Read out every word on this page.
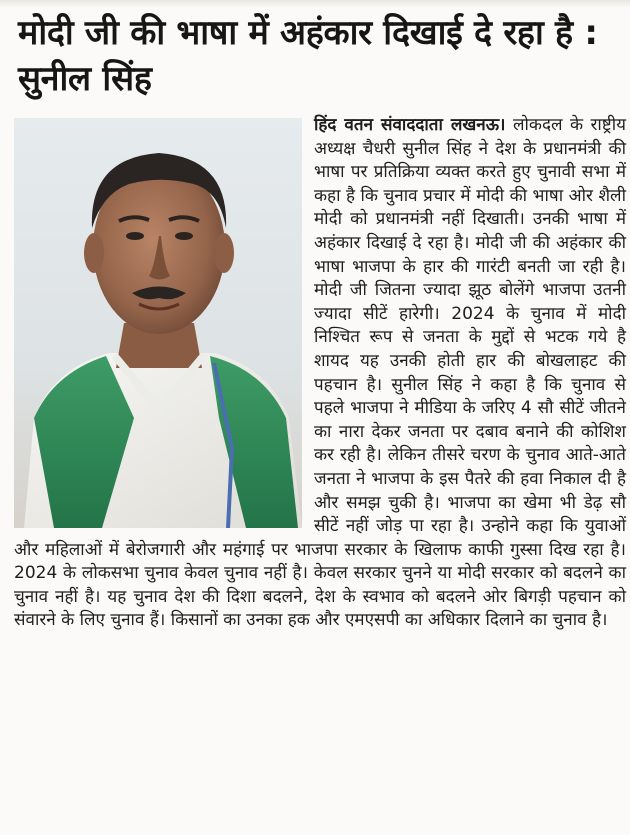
मोदी जी की भाषा में अहंकार दिखाई दे रहा है : सुनील सिंह

हिंद वतन संवाददाता लखनऊ। लोकदल के राष्ट्रीय अध्यक्ष चैधरी सुनील सिंह ने देश के प्रधानमंत्री की भाषा पर प्रतिक्रिया व्यक्त करते हुए चुनावी सभा में कहा है कि चुनाव प्रचार में मोदी की भाषा ओर शैली मोदी को प्रधानमंत्री नहीं दिखाती। उनकी भाषा में अहंकार दिखाई दे रहा है। मोदी जी की अहंकार की भाषा भाजपा के हार की गारंटी बनती जा रही है। मोदी जी जितना ज्यादा झूठ बोलेंगे भाजपा उतनी ज्यादा सीटें हारेगी। 2024 के चुनाव में मोदी निश्चित रूप से जनता के मुद्दों से भटक गये है शायद यह उनकी होती हार की बोखलाहट की पहचान है। सुनील सिंह ने कहा है कि चुनाव से पहले भाजपा ने मीडिया के जरिए 4 सौ सीटें जीतने का नारा देकर जनता पर दबाव बनाने की कोशिश कर रही है। लेकिन तीसरे चरण के चुनाव आते-आते जनता ने भाजपा के इस पैतरे की हवा निकाल दी है और समझ चुकी है। भाजपा का खेमा भी डेढ़ सौ सीटें नहीं जोड़ पा रहा है। उन्होने कहा कि युवाओं और महिलाओं में बेरोजगारी और महंगाई पर भाजपा सरकार के खिलाफ काफी गुस्सा दिख रहा है। 2024 के लोकसभा चुनाव केवल चुनाव नहीं है। केवल सरकार चुनने या मोदी सरकार को बदलने का चुनाव नहीं है। यह चुनाव देश की दिशा बदलने, देश के स्वभाव को बदलने ओर बिगड़ी पहचान को संवारने के लिए चुनाव हैं। किसानों का उनका हक और एमएसपी का अधिकार दिलाने का चुनाव है।
